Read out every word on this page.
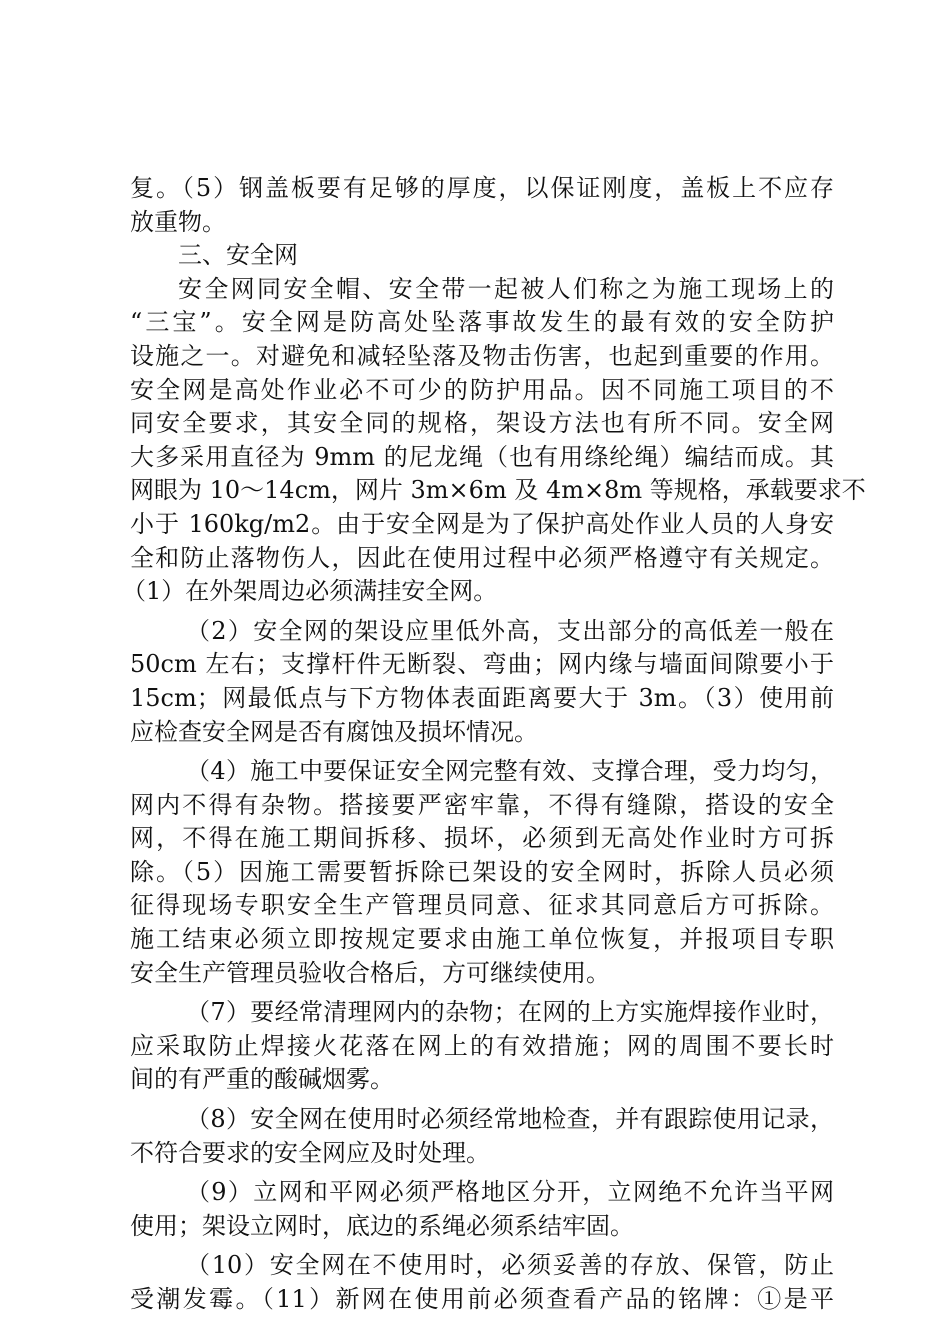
复。（5）钢盖板要有足够的厚度，以保证刚度，盖板上不应存
放重物。
三、安全网
安全网同安全帽、安全带一起被人们称之为施工现场上的
“三宝”。安全网是防高处坠落事故发生的最有效的安全防护
设施之一。对避免和减轻坠落及物击伤害，也起到重要的作用。
安全网是高处作业必不可少的防护用品。因不同施工项目的不
同安全要求，其安全同的规格，架设方法也有所不同。安全网
大多采用直径为 9mm 的尼龙绳（也有用绦纶绳）编结而成。其
网眼为 10～14cm，网片 3m×6m 及 4m×8m 等规格，承载要求不
小于 160kg/m2。由于安全网是为了保护高处作业人员的人身安
全和防止落物伤人，因此在使用过程中必须严格遵守有关规定。
（1）在外架周边必须满挂安全网。
（2）安全网的架设应里低外高，支出部分的高低差一般在
50cm 左右；支撑杆件无断裂、弯曲；网内缘与墙面间隙要小于
15cm；网最低点与下方物体表面距离要大于 3m。（3）使用前
应检查安全网是否有腐蚀及损坏情况。
（4）施工中要保证安全网完整有效、支撑合理，受力均匀，
网内不得有杂物。搭接要严密牢靠，不得有缝隙，搭设的安全
网，不得在施工期间拆移、损坏，必须到无高处作业时方可拆
除。（5）因施工需要暂拆除已架设的安全网时，拆除人员必须
征得现场专职安全生产管理员同意、征求其同意后方可拆除。
施工结束必须立即按规定要求由施工单位恢复，并报项目专职
安全生产管理员验收合格后，方可继续使用。
（7）要经常清理网内的杂物；在网的上方实施焊接作业时，
应采取防止焊接火花落在网上的有效措施；网的周围不要长时
间的有严重的酸碱烟雾。
（8）安全网在使用时必须经常地检查，并有跟踪使用记录，
不符合要求的安全网应及时处理。
（9）立网和平网必须严格地区分开，立网绝不允许当平网
使用；架设立网时，底边的系绳必须系结牢固。
（10）安全网在不使用时，必须妥善的存放、保管，防止
受潮发霉。（11）新网在使用前必须查看产品的铭牌：①是平
